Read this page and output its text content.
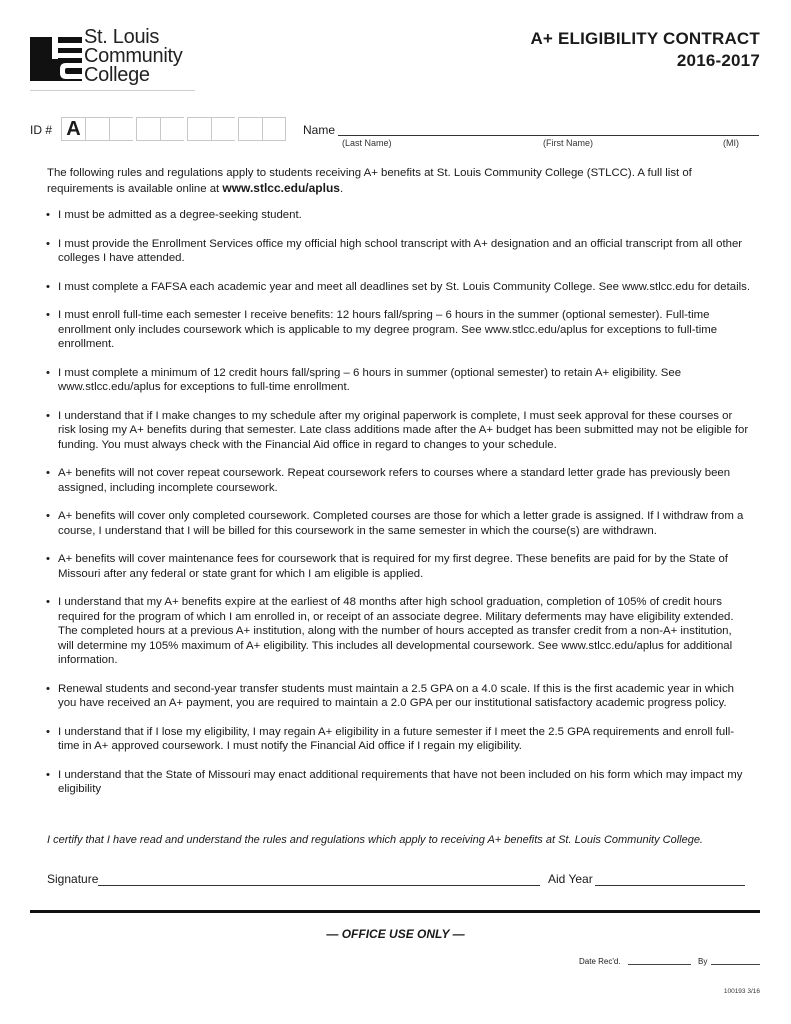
St. Louis
Community
College
A+ ELIGIBILITY CONTRACT
2016-2017
ID # A	Name
(Last Name)	(First Name)	(MI)
The following rules and regulations apply to students receiving A+ benefits at St. Louis Community College (STLCC). A full list of requirements is available online at www.stlcc.edu/aplus.
• I must be admitted as a degree-seeking student.
• I must provide the Enrollment Services office my official high school transcript with A+ designation and an official transcript from all other colleges I have attended.
• I must complete a FAFSA each academic year and meet all deadlines set by St. Louis Community College. See www.stlcc.edu for details.
• I must enroll full-time each semester I receive benefits: 12 hours fall/spring – 6 hours in the summer (optional semester). Full-time enrollment only includes coursework which is applicable to my degree program. See www.stlcc.edu/aplus for exceptions to full-time enrollment.
• I must complete a minimum of 12 credit hours fall/spring – 6 hours in summer (optional semester) to retain A+ eligibility. See www.stlcc.edu/aplus for exceptions to full-time enrollment.
• I understand that if I make changes to my schedule after my original paperwork is complete, I must seek approval for these courses or risk losing my A+ benefits during that semester. Late class additions made after the A+ budget has been submitted may not be eligible for funding. You must always check with the Financial Aid office in regard to changes to your schedule.
• A+ benefits will not cover repeat coursework. Repeat coursework refers to courses where a standard letter grade has previously been assigned, including incomplete coursework.
• A+ benefits will cover only completed coursework. Completed courses are those for which a letter grade is assigned. If I withdraw from a course, I understand that I will be billed for this coursework in the same semester in which the course(s) are withdrawn.
• A+ benefits will cover maintenance fees for coursework that is required for my first degree. These benefits are paid for by the State of Missouri after any federal or state grant for which I am eligible is applied.
• I understand that my A+ benefits expire at the earliest of 48 months after high school graduation, completion of 105% of credit hours required for the program of which I am enrolled in, or receipt of an associate degree. Military deferments may have eligibility extended. The completed hours at a previous A+ institution, along with the number of hours accepted as transfer credit from a non-A+ institution, will determine my 105% maximum of A+ eligibility. This includes all developmental coursework. See www.stlcc.edu/aplus for additional information.
• Renewal students and second-year transfer students must maintain a 2.5 GPA on a 4.0 scale. If this is the first academic year in which you have received an A+ payment, you are required to maintain a 2.0 GPA per our institutional satisfactory academic progress policy.
• I understand that if I lose my eligibility, I may regain A+ eligibility in a future semester if I meet the 2.5 GPA requirements and enroll full-time in A+ approved coursework. I must notify the Financial Aid office if I regain my eligibility.
• I understand that the State of Missouri may enact additional requirements that have not been included on his form which may impact my eligibility
I certify that I have read and understand the rules and regulations which apply to receiving A+ benefits at St. Louis Community College.
Signature	Aid Year
— OFFICE USE ONLY —
Date Rec'd.	By
100193 3/16
